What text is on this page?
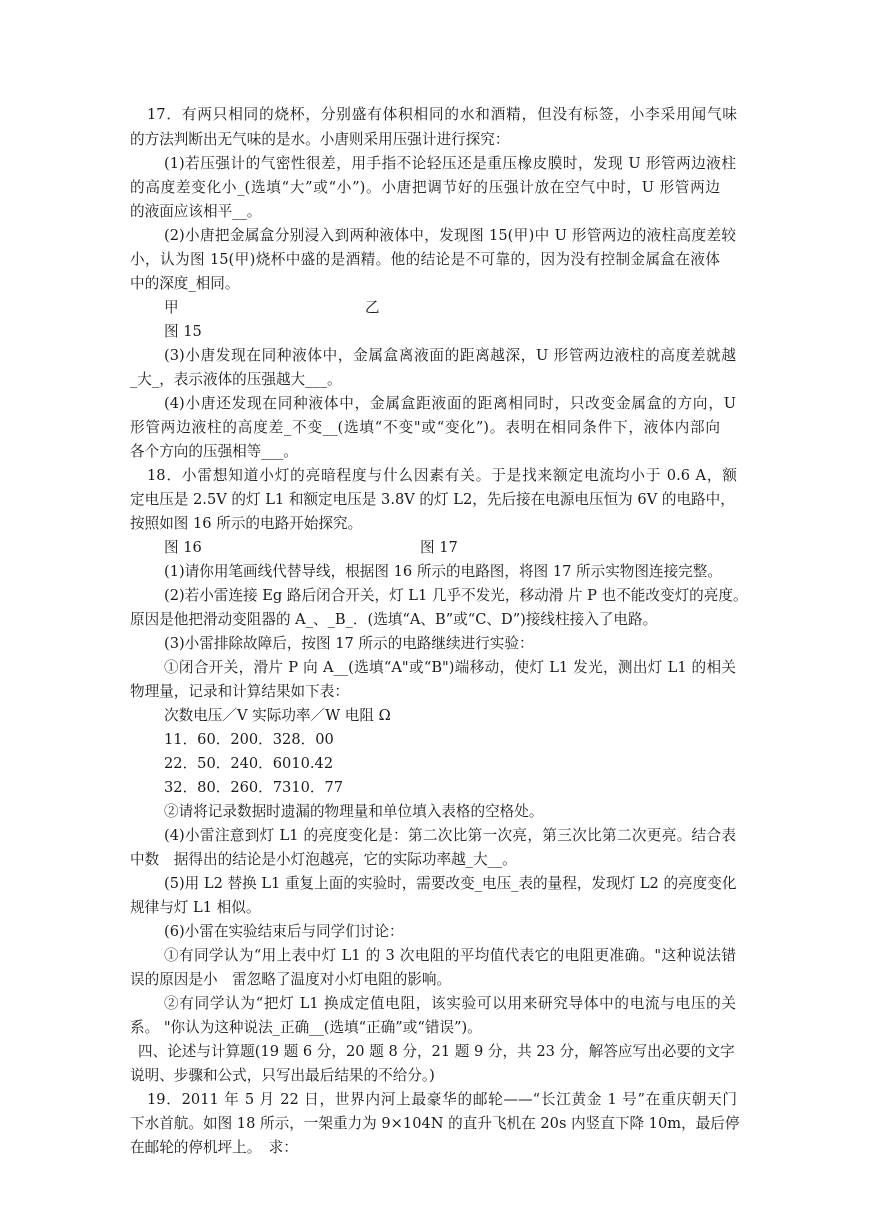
17．有两只相同的烧杯，分别盛有体积相同的水和酒精，但没有标签，小李采用闻气味
的方法判断出无气味的是水。小唐则采用压强计进行探究：
(1)若压强计的气密性很差，用手指不论轻压还是重压橡皮膜时，发现 U 形管两边液柱
的高度差变化小_(选填“大”或“小”)。小唐把调节好的压强计放在空气中时，U 形管两边
的液面应该相平__。
(2)小唐把金属盒分别浸入到两种液体中，发现图 15(甲)中 U 形管两边的液柱高度差较
小，认为图 15(甲)烧杯中盛的是酒精。他的结论是不可靠的，因为没有控制金属盒在液体
中的深度_相同。
甲	乙
图 15
(3)小唐发现在同种液体中，金属盒离液面的距离越深，U 形管两边液柱的高度差就越
_大_，表示液体的压强越大___。
(4)小唐还发现在同种液体中，金属盒距液面的距离相同时，只改变金属盒的方向，U
形管两边液柱的高度差_不变__(选填“不变"或“变化”)。表明在相同条件下，液体内部向
各个方向的压强相等___。
18．小雷想知道小灯的亮暗程度与什么因素有关。于是找来额定电流均小于 0.6 A，额
定电压是 2.5V 的灯 L1 和额定电压是 3.8V 的灯 L2，先后接在电源电压恒为 6V 的电路中，
按照如图 16 所示的电路开始探究。
图 16	图 17
(1)请你用笔画线代替导线，根据图 16 所示的电路图，将图 17 所示实物图连接完整。
(2)若小雷连接 Eg 路后闭合开关，灯 L1 几乎不发光，移动滑 片 P 也不能改变灯的亮度。
原因是他把滑动变阻器的 A_、_B_．(选填“A、B”或“C、D”)接线柱接入了电路。
(3)小雷排除故障后，按图 17 所示的电路继续进行实验：
①闭合开关，滑片 P 向 A__(选填“A"或“B")端移动，使灯 L1 发光，测出灯 L1 的相关
物理量，记录和计算结果如下表：
次数电压／V 实际功率／W 电阻 Ω
11．60．200．328．00
22．50．240．6010.42
32．80．260．7310．77
②请将记录数据时遗漏的物理量和单位填入表格的空格处。
(4)小雷注意到灯 L1 的亮度变化是：第二次比第一次亮，第三次比第二次更亮。结合表
中数　据得出的结论是小灯泡越亮，它的实际功率越_大__。
(5)用 L2 替换 L1 重复上面的实验时，需要改变_电压_表的量程，发现灯 L2 的亮度变化
规律与灯 L1 相似。
(6)小雷在实验结束后与同学们讨论：
①有同学认为“用上表中灯 L1 的 3 次电阻的平均值代表它的电阻更准确。"这种说法错
误的原因是小　雷忽略了温度对小灯电阻的影响。
②有同学认为“把灯 L1 换成定值电阻，该实验可以用来研究导体中的电流与电压的关
系。 "你认为这种说法_正确__(选填“正确”或“错误”)。
四、论述与计算题(19 题 6 分，20 题 8 分，21 题 9 分，共 23 分，解答应写出必要的文字
说明、步骤和公式，只写出最后结果的不给分。)
19．2011 年 5 月 22 日，世界内河上最豪华的邮轮——“长江黄金 1 号”在重庆朝天门
下水首航。如图 18 所示，一架重力为 9×104N 的直升飞机在 20s 内竖直下降 10m，最后停
在邮轮的停机坪上。　求：
